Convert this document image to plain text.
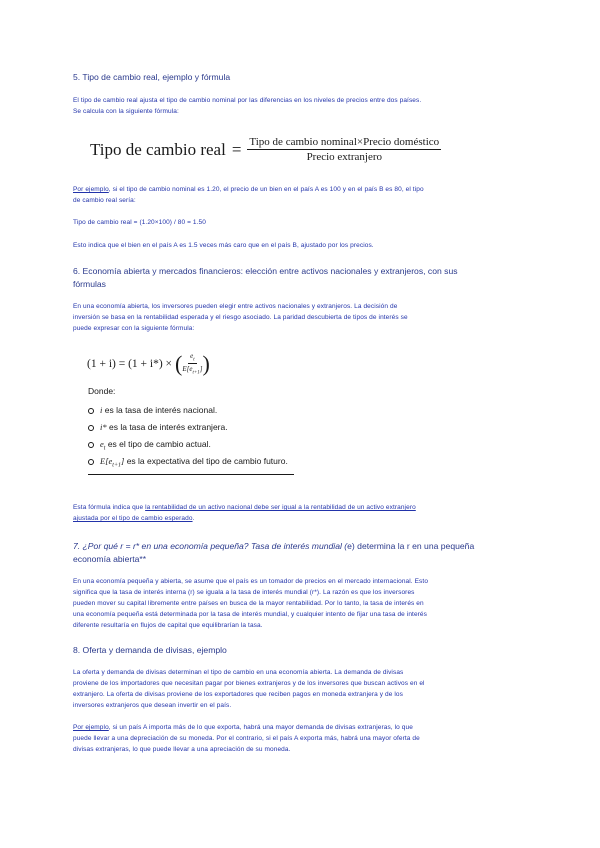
5. Tipo de cambio real, ejemplo y fórmula
El tipo de cambio real ajusta el tipo de cambio nominal por las diferencias en los niveles de precios entre dos países.
Se calcula con la siguiente fórmula:
Tipo de cambio real = $\frac{\text{Tipo de cambio nominal×Precio doméstico}}{\text{Precio extranjero}}$
Por ejemplo, si el tipo de cambio nominal es 1.20, el precio de un bien en el país A es 100 y en el país B es 80, el tipo
de cambio real sería:
Tipo de cambio real = (1.20×100) / 80 = 1.50
Esto indica que el bien en el país A es 1.5 veces más caro que en el país B, ajustado por los precios.
6. Economía abierta y mercados financieros: elección entre activos nacionales y extranjeros, con sus
fórmulas
En una economía abierta, los inversores pueden elegir entre activos nacionales y extranjeros. La decisión de
inversión se basa en la rentabilidad esperada y el riesgo asociado. La paridad descubierta de tipos de interés se
puede expresar con la siguiente fórmula:
(1 + i) = (1 + i*) × ( $\frac{e_t}{E[e_{t+1}]}$ )
Donde:
i es la tasa de interés nacional.
i* es la tasa de interés extranjera.
$e_t$ es el tipo de cambio actual.
$E[e_{t+1}]$ es la expectativa del tipo de cambio futuro.
Esta fórmula indica que la rentabilidad de un activo nacional debe ser igual a la rentabilidad de un activo extranjero
ajustada por el tipo de cambio esperado.
7. ¿Por qué r = r* en una economía pequeña? Tasa de interés mundial (e) determina la r en una pequeña
economía abierta**
En una economía pequeña y abierta, se asume que el país es un tomador de precios en el mercado internacional. Esto
significa que la tasa de interés interna (r) se iguala a la tasa de interés mundial (r*). La razón es que los inversores
pueden mover su capital libremente entre países en busca de la mayor rentabilidad. Por lo tanto, la tasa de interés en
una economía pequeña está determinada por la tasa de interés mundial, y cualquier intento de fijar una tasa de interés
diferente resultaría en flujos de capital que equilibrarían la tasa.
8. Oferta y demanda de divisas, ejemplo
La oferta y demanda de divisas determinan el tipo de cambio en una economía abierta. La demanda de divisas
proviene de los importadores que necesitan pagar por bienes extranjeros y de los inversores que buscan activos en el
extranjero. La oferta de divisas proviene de los exportadores que reciben pagos en moneda extranjera y de los
inversores extranjeros que desean invertir en el país.
Por ejemplo, si un país A importa más de lo que exporta, habrá una mayor demanda de divisas extranjeras, lo que
puede llevar a una depreciación de su moneda. Por el contrario, si el país A exporta más, habrá una mayor oferta de
divisas extranjeras, lo que puede llevar a una apreciación de su moneda.
